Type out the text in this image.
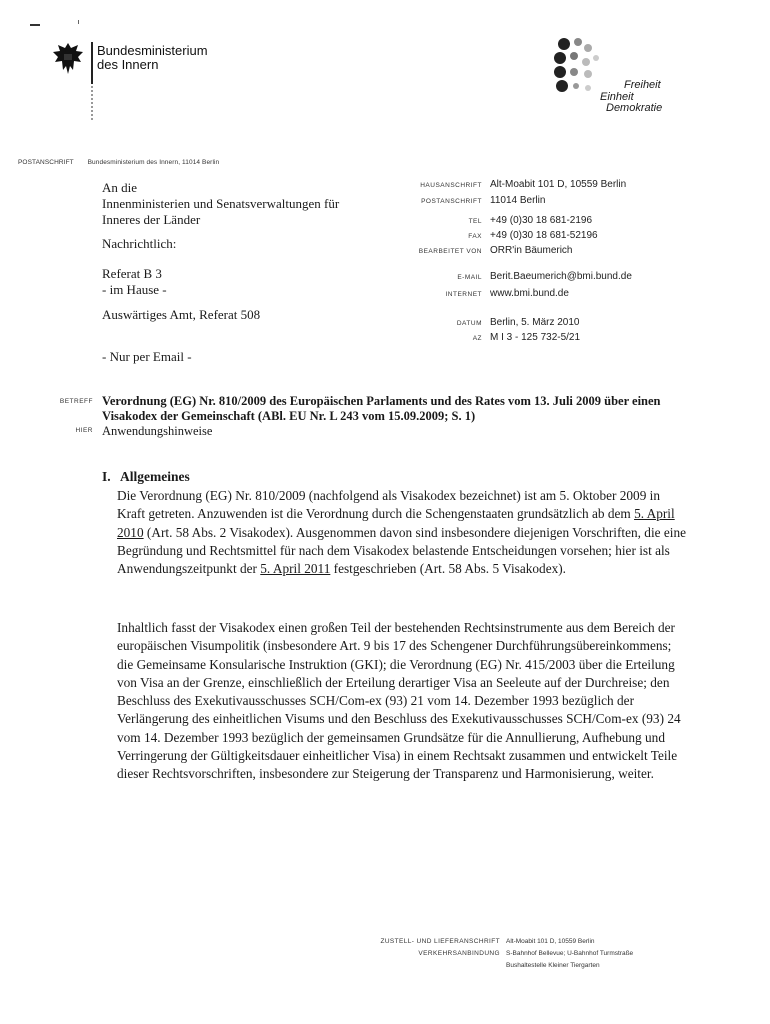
Bundesministerium
des Innern
Freiheit
Einheit
Demokratie
POSTANSCHRIFT Bundesministerium des Innern, 11014 Berlin
An die
Innenministerien und Senatsverwaltungen für
Inneres der Länder
Nachrichtlich:
Referat B 3
- im Hause -
Auswärtiges Amt, Referat 508
- Nur per Email -
HAUSANSCHRIFT Alt-Moabit 101 D, 10559 Berlin
POSTANSCHRIFT 11014 Berlin
TEL +49 (0)30 18 681-2196
FAX +49 (0)30 18 681-52196
BEARBEITET VON ORR'in Bäumerich
E-MAIL Berit.Baeumerich@bmi.bund.de
INTERNET www.bmi.bund.de
DATUM Berlin, 5. März 2010
AZ M I 3 - 125 732-5/21
BETREFF Verordnung (EG) Nr. 810/2009 des Europäischen Parlaments und des Rates vom 13. Juli 2009 über einen Visakodex der Gemeinschaft (ABl. EU Nr. L 243 vom 15.09.2009; S. 1)
HIER Anwendungshinweise
I.   Allgemeines
Die Verordnung (EG) Nr. 810/2009 (nachfolgend als Visakodex bezeichnet) ist am 5. Oktober 2009 in Kraft getreten. Anzuwenden ist die Verordnung durch die Schengenstaaten grundsätzlich ab dem 5. April 2010 (Art. 58 Abs. 2 Visakodex). Ausgenommen davon sind insbesondere diejenigen Vorschriften, die eine Begründung und Rechtsmittel für nach dem Visakodex belastende Entscheidungen vorsehen; hier ist als Anwendungszeitpunkt der 5. April 2011 festgeschrieben (Art. 58 Abs. 5 Visakodex).
Inhaltlich fasst der Visakodex einen großen Teil der bestehenden Rechtsinstrumente aus dem Bereich der europäischen Visumpolitik (insbesondere Art. 9 bis 17 des Schengener Durchführungsübereinkommens; die Gemeinsame Konsularische Instruktion (GKI); die Verordnung (EG) Nr. 415/2003 über die Erteilung von Visa an der Grenze, einschließlich der Erteilung derartiger Visa an Seeleute auf der Durchreise; den Beschluss des Exekutivausschusses SCH/Com-ex (93) 21 vom 14. Dezember 1993 bezüglich der Verlängerung des einheitlichen Visums und den Beschluss des Exekutivausschusses SCH/Com-ex (93) 24 vom 14. Dezember 1993 bezüglich der gemeinsamen Grundsätze für die Annullierung, Aufhebung und Verringerung der Gültigkeitsdauer einheitlicher Visa) in einem Rechtsakt zusammen und entwickelt Teile dieser Rechtsvorschriften, insbesondere zur Steigerung der Transparenz und Harmonisierung, weiter.
ZUSTELL- UND LIEFERANSCHRIFT Alt-Moabit 101 D, 10559 Berlin
VERKEHRSANBINDUNG S-Bahnhof Bellevue; U-Bahnhof Turmstraße
Bushaltestelle Kleiner Tiergarten
